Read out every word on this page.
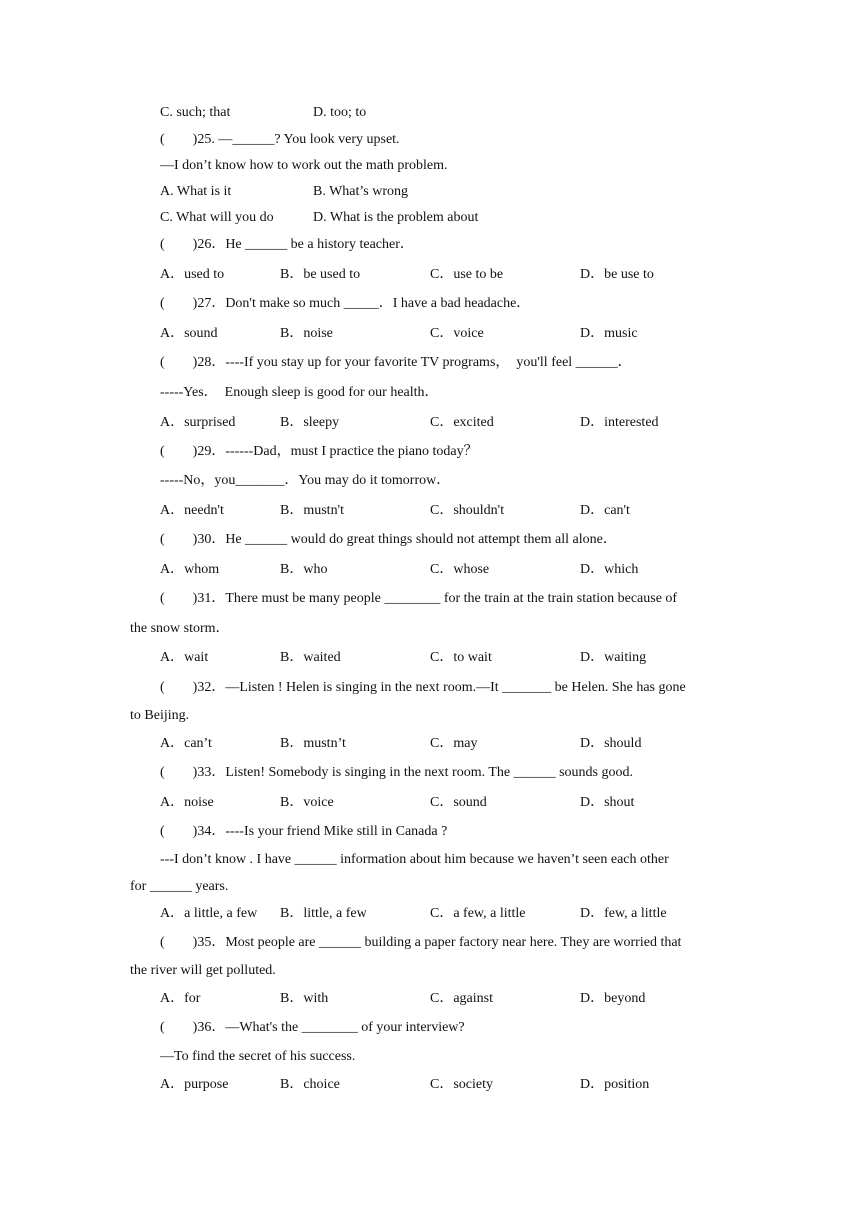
C. such; that	D. too; to
(        )25. —______? You look very upset.
—I don’t know how to work out the math problem.
A. What is it	B. What’s wrong
C. What will you do	D. What is the problem about
(        )26．He ______ be a history teacher．
A．used to	B．be used to	C．use to be	D．be use to
(        )27．Don't make so much _____．I have a bad headache．
A．sound	B．noise	C．voice	D．music
(        )28．----If you stay up for your favorite TV programs，  you'll feel ______．
-----Yes．  Enough sleep is good for our health．
A．surprised	B．sleepy	C．excited	D．interested
(        )29．------Dad，must I practice the piano today？
-----No，you_______．You may do it tomorrow．
A．needn't	B．mustn't	C．shouldn't	D．can't
(        )30．He ______ would do great things should not attempt them all alone．
A．whom	B．who	C．whose	D．which
(        )31．There must be many people ________ for the train at the train station because of
the snow storm．
A．wait	B．waited	C．to wait	D．waiting
(        )32．—Listen ! Helen is singing in the next room.—It _______ be Helen. She has gone
to Beijing.
A．can’t	B．mustn’t	C．may	D．should
(        )33．Listen! Somebody is singing in the next room. The ______ sounds good.
A．noise	B．voice	C．sound	D．shout
(        )34．----Is your friend Mike still in Canada ?
---I don’t know . I have ______ information about him because we haven’t seen each other
for ______ years.
A．a little, a few B．little, a few	C．a few, a little	D．few, a little
(        )35．Most people are ______ building a paper factory near here. They are worried that
the river will get polluted.
A．for	B．with	C．against	D．beyond
(        )36．—What's the ________ of your interview?
—To find the secret of his success.
A．purpose	B．choice	C．society	D．position
